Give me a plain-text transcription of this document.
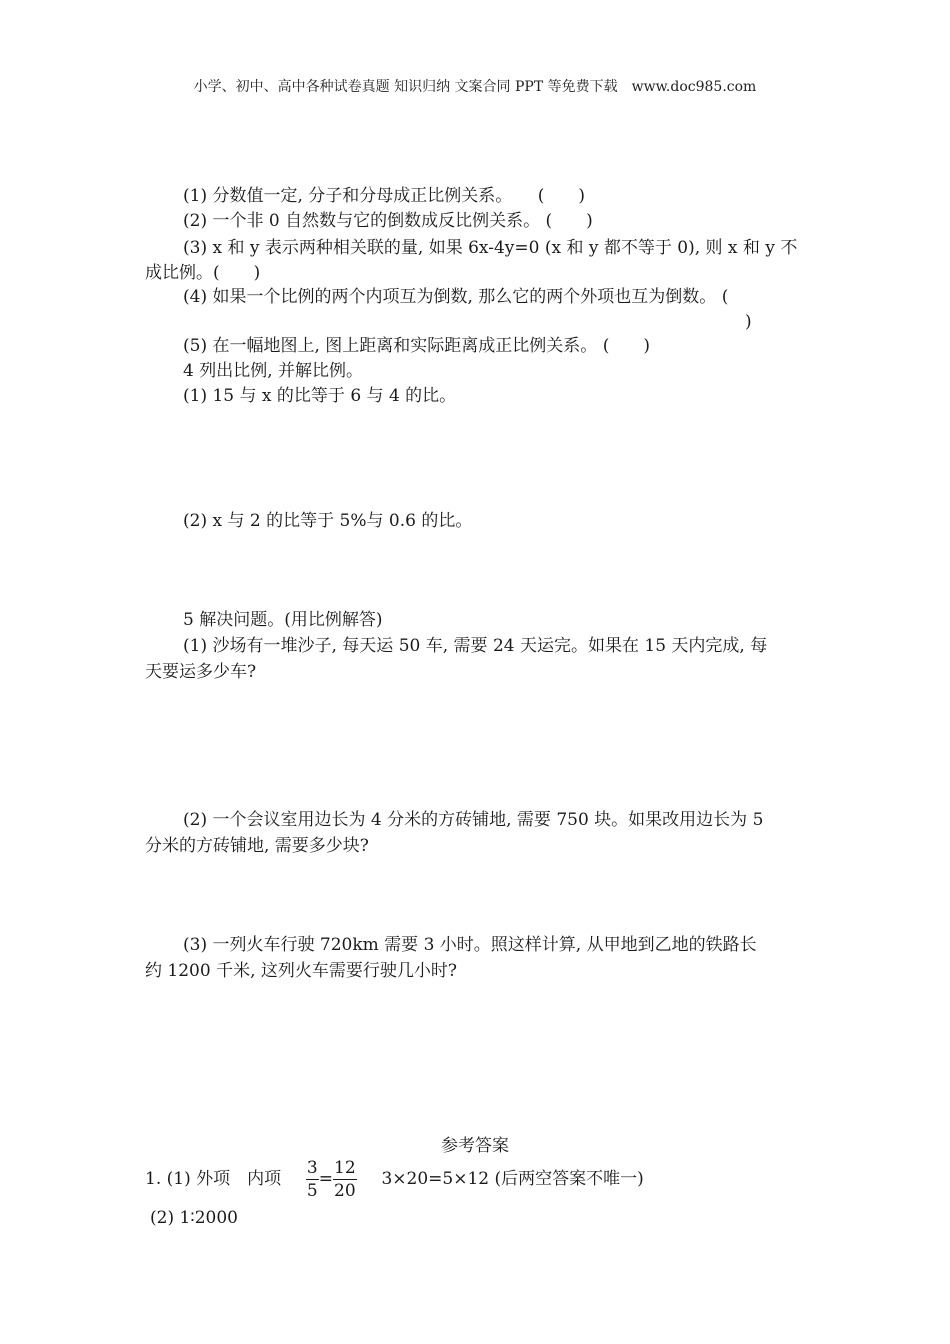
小学、初中、高中各种试卷真题 知识归纳 文案合同 PPT 等免费下载　www.doc985.com
(1) 分数值一定, 分子和分母成正比例关系。　　(　　)
(2) 一个非 0 自然数与它的倒数成反比例关系。 (　　)
(3) x 和 y 表示两种相关联的量, 如果 6x-4y=0 (x 和 y 都不等于 0), 则 x 和 y 不
成比例。(　　)
(4) 如果一个比例的两个内项互为倒数, 那么它的两个外项也互为倒数。 (
)
(5) 在一幅地图上, 图上距离和实际距离成正比例关系。 (　　)
4 列出比例, 并解比例。
(1) 15 与 x 的比等于 6 与 4 的比。
(2) x 与 2 的比等于 5%与 0.6 的比。
5 解决问题。(用比例解答)
(1) 沙场有一堆沙子, 每天运 50 车, 需要 24 天运完。如果在 15 天内完成, 每
天要运多少车?
(2) 一个会议室用边长为 4 分米的方砖铺地, 需要 750 块。如果改用边长为 5
分米的方砖铺地, 需要多少块?
(3) 一列火车行驶 720km 需要 3 小时。照这样计算, 从甲地到乙地的铁路长
约 1200 千米, 这列火车需要行驶几小时?
参考答案
1. (1) 外项　内项 $\frac{3}{5} = \frac{12}{20} 3\times 20=5\times 12$ (后两空答案不唯一)
(2) 1∶2000
